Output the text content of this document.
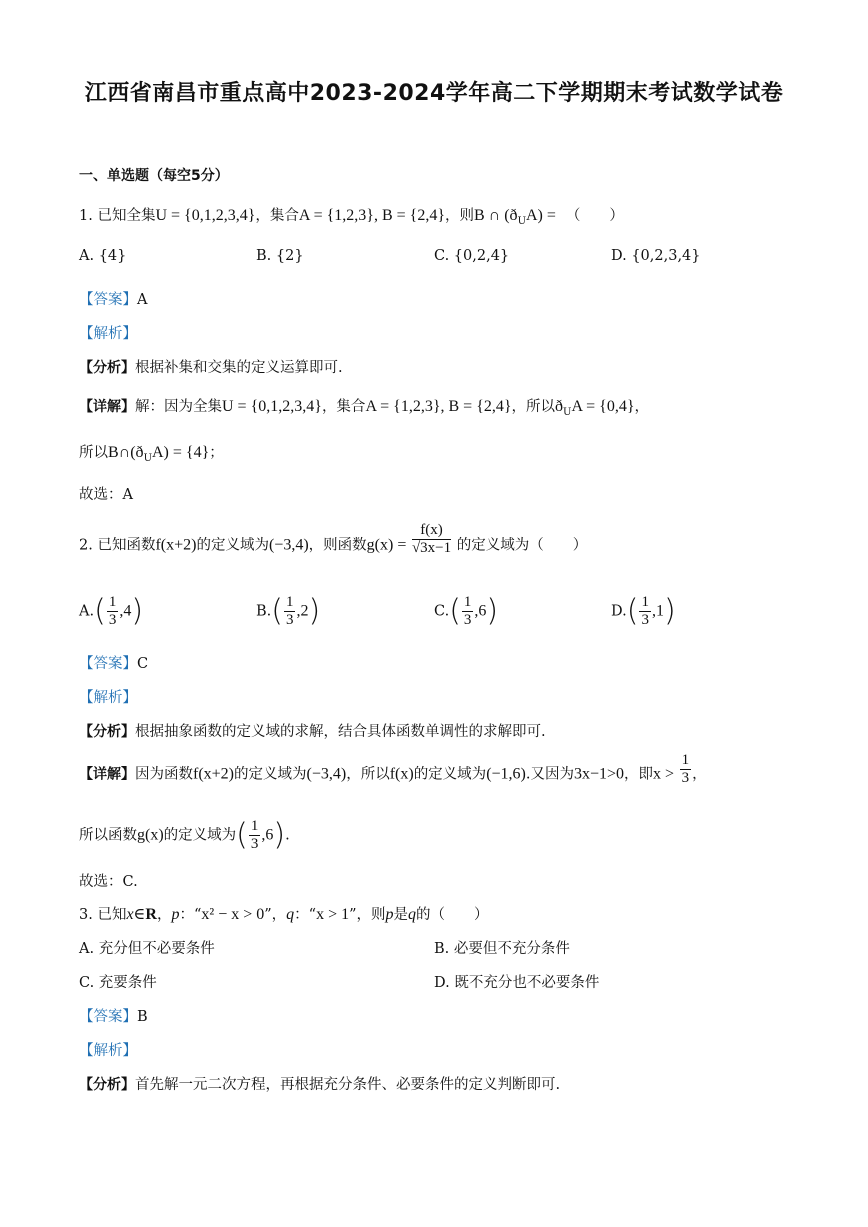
江西省南昌市重点高中2023-2024学年高二下学期期末考试数学试卷
一、单选题（每空5分）
1. 已知全集U = {0,1,2,3,4}，集合A = {1,2,3}, B = {2,4}，则B ∩ $(ð_UA)$ = （　　）
A. {4}	B. {2}	C. {0,2,4}	D. {0,2,3,4}
【答案】A
【解析】
【分析】根据补集和交集的定义运算即可.
【详解】解：因为全集U = {0,1,2,3,4}，集合A = {1,2,3}, B = {2,4}，所以$ð_UA = \{0,4\}$，
所以$B\cap(ð_UA) = \{4\}$；
故选：A
2. 已知函数f(x+2)的定义域为(−3,4)，则函数$g(x) = \frac{f(x)}{√3x-1}$ 的定义域为（　　）
$A.( \frac{1}{3} ,4)$	$B.( \frac{1}{3} ,2)$	$C.( \frac{1}{3} ,6)$	$D.( \frac{1}{3} ,1)$
【答案】C
【解析】
【分析】根据抽象函数的定义域的求解，结合具体函数单调性的求解即可.
【详解】因为函数f(x+2)的定义域为(−3,4)，所以f(x)的定义域为(−1,6).又因为3x−1>0，即$x > \frac{1}{3}$ ，
所以函数g(x)的定义域为( $\frac{1}{3} ,6$).
故选：C.
3. 已知x∈R，p：“x² − x > 0”，q：“x > 1”，则p是q的（　　）
A. 充分但不必要条件	B. 必要但不充分条件
C. 充要条件	D. 既不充分也不必要条件
【答案】B
【解析】
【分析】首先解一元二次方程，再根据充分条件、必要条件的定义判断即可.
